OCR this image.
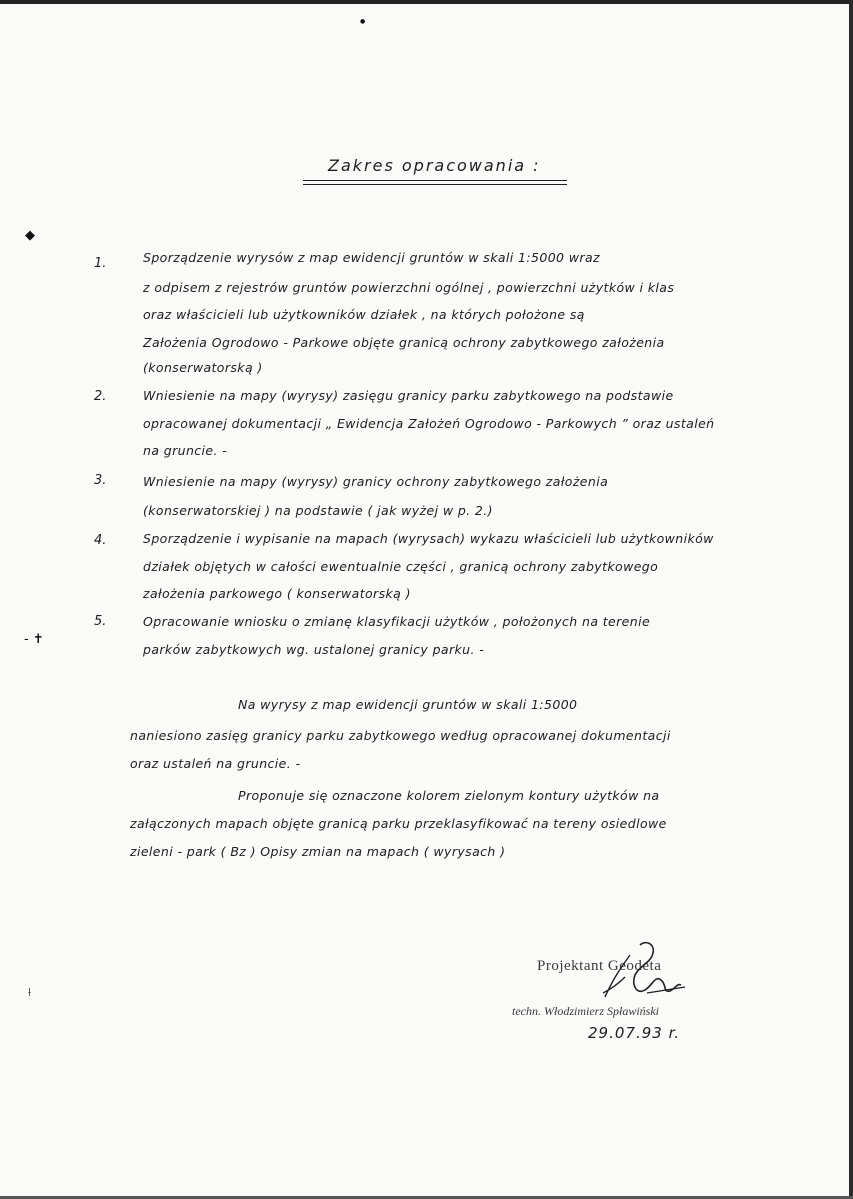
●
◆
- ✝
⟊
Zakres opracowania :
1.	Sporządzenie wyrysów z map ewidencji gruntów w skali 1:5000 wraz
z odpisem z rejestrów gruntów powierzchni ogólnej , powierzchni użytków i klas
oraz właścicieli lub użytkowników działek , na których położone są
Założenia Ogrodowo - Parkowe objęte granicą ochrony zabytkowego założenia
(konserwatorską )
2.	Wniesienie na mapy (wyrysy) zasięgu granicy parku zabytkowego na podstawie
opracowanej dokumentacji „ Ewidencja Założeń Ogrodowo - Parkowych ” oraz ustaleń
na gruncie. -
3.	Wniesienie na mapy (wyrysy) granicy ochrony zabytkowego założenia
(konserwatorskiej ) na podstawie ( jak wyżej w p. 2.)
4.	Sporządzenie i wypisanie na mapach (wyrysach) wykazu właścicieli lub użytkowników
działek objętych w całości ewentualnie części , granicą ochrony zabytkowego
założenia parkowego ( konserwatorską )
5.	Opracowanie wniosku o zmianę klasyfikacji użytków , położonych na terenie
parków zabytkowych wg. ustalonej granicy parku. -
Na wyrysy z map ewidencji gruntów w skali 1:5000
naniesiono zasięg granicy parku zabytkowego według opracowanej dokumentacji
oraz ustaleń na gruncie. -
Proponuje się oznaczone kolorem zielonym kontury użytków na
załączonych mapach objęte granicą parku przeklasyfikować na tereny osiedlowe
zieleni - park ( Bz ) Opisy zmian na mapach ( wyrysach )
Projektant Geodeta
techn. Włodzimierz Spławiński
29.07.93 r.
